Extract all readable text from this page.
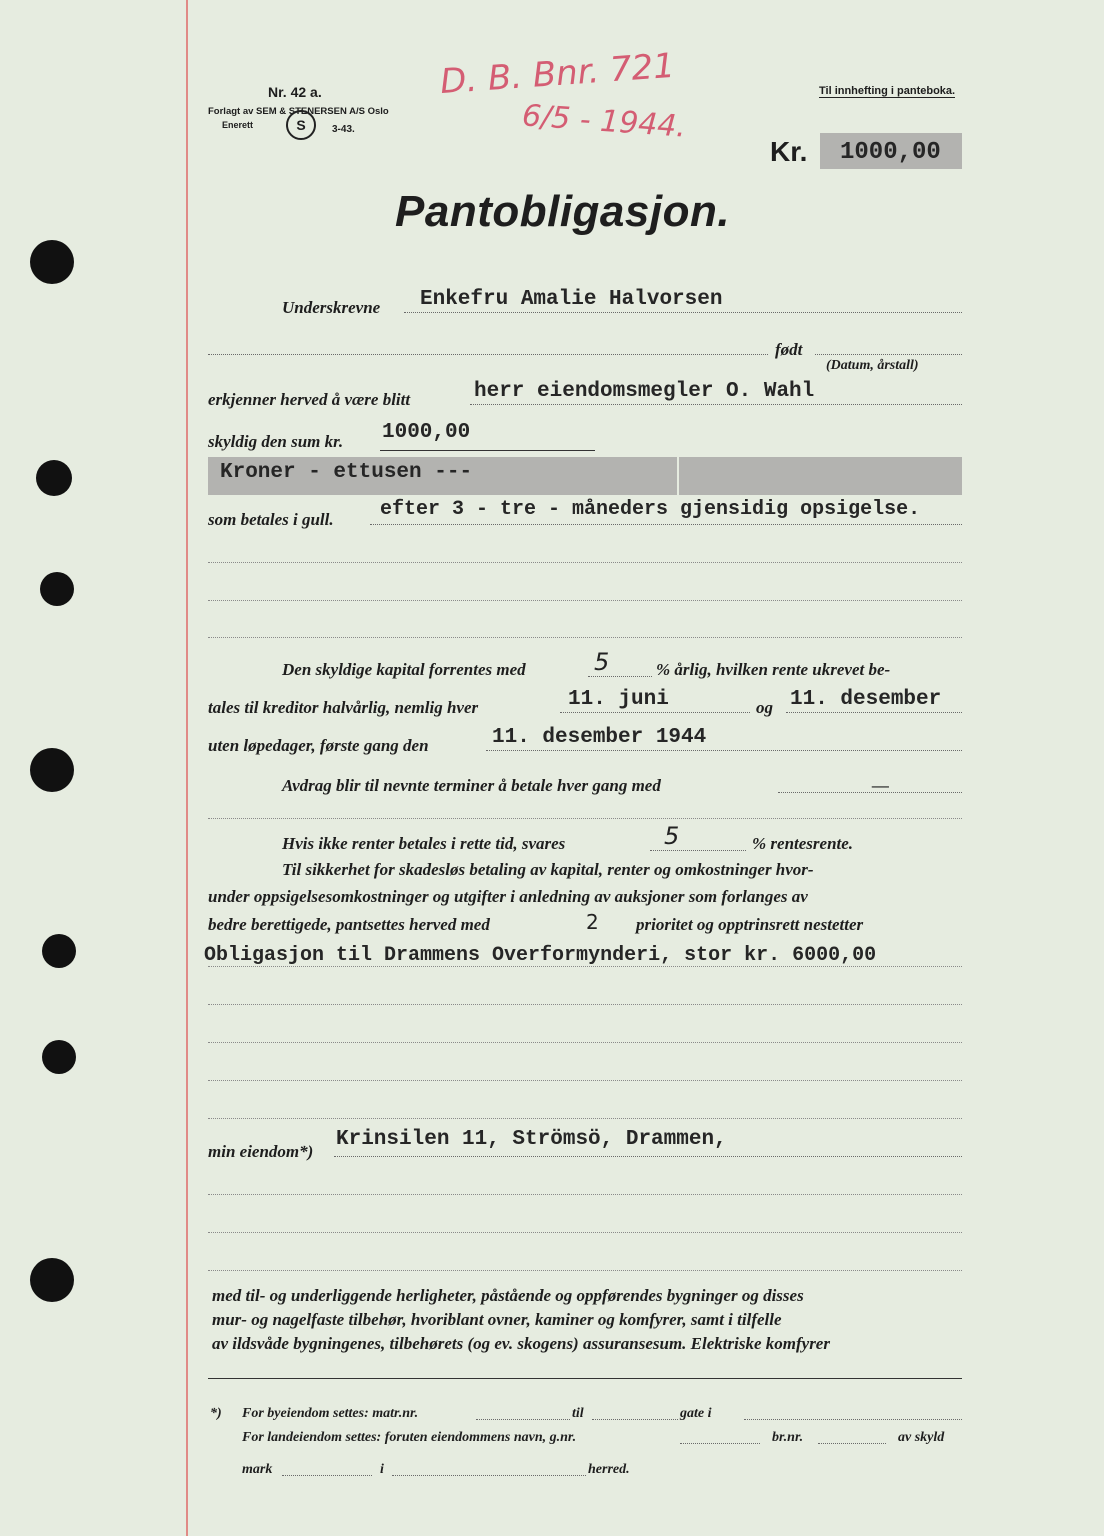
Nr. 42 a.
Forlagt av SEM & STENERSEN A/S Oslo
Enerett	S	3-43.
Til innhefting i panteboka.
D. B. Bnr. 721
6/5 - 1944.
Kr. 1000,00
Pantobligasjon.
Underskrevne Enkefru Amalie Halvorsen
født
(Datum, årstall)
erkjenner herved å være blitt	herr eiendomsmegler O. Wahl
skyldig den sum kr. 1000,00
Kroner - ettusen ---
som betales i gull. efter 3 - tre - måneders gjensidig opsigelse.
Den skyldige kapital forrentes med	5	% årlig, hvilken rente ukrevet be-
tales til kreditor halvårlig, nemlig hver	11. juni	og 11. desember
uten løpedager, første gang den	11. desember 1944
Avdrag blir til nevnte terminer å betale hver gang med	—
Hvis ikke renter betales i rette tid, svares	5	% rentesrente.
Til sikkerhet for skadesløs betaling av kapital, renter og omkostninger hvor-
under oppsigelsesomkostninger og utgifter i anledning av auksjoner som forlanges av
bedre berettigede, pantsettes herved med	2 prioritet og opptrinsrett nestetter
Obligasjon til Drammens Overformynderi, stor kr. 6000,00
min eiendom*)
Krinsilen 11, Strömsö, Drammen,
med til- og underliggende herligheter, påstående og oppførendes bygninger og disses
mur- og nagelfaste tilbehør, hvoriblant ovner, kaminer og komfyrer, samt i tilfelle
av ildsvåde bygningenes, tilbehørets (og ev. skogens) assuransesum. Elektriske komfyrer
*) For byeiendom settes: matr.nr.	til	gate i
For landeiendom settes: foruten eiendommens navn, g.nr.	br.nr.	av skyld
mark	i	herred.
